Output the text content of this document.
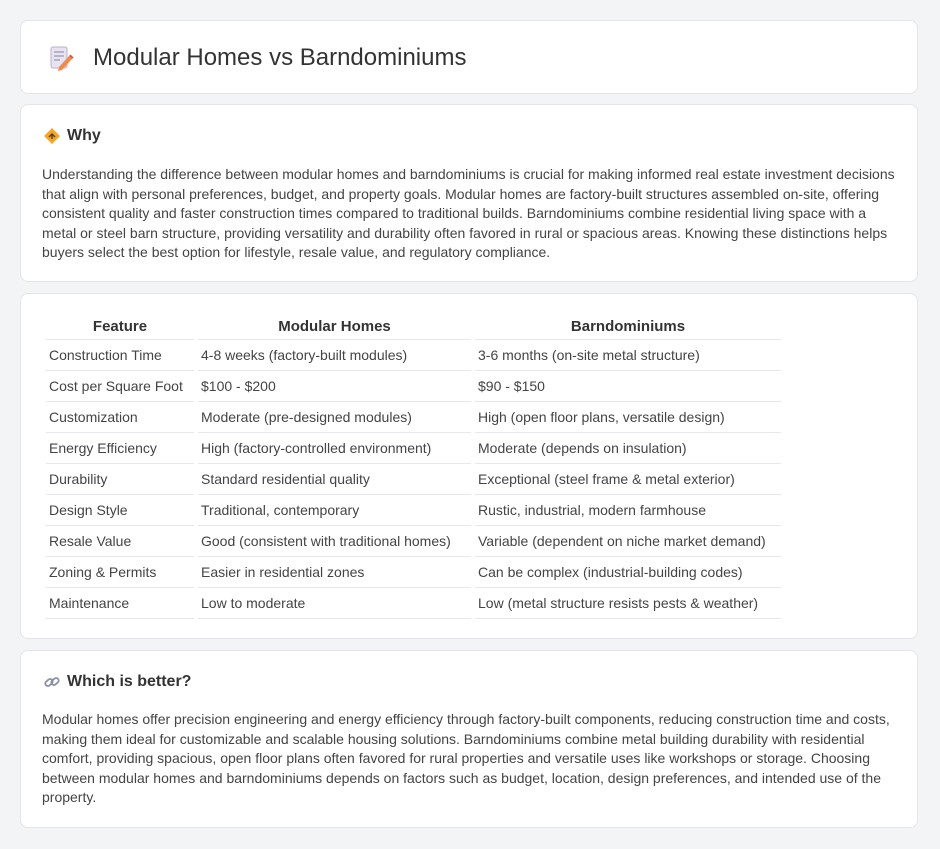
Modular Homes vs Barndominiums
Why
Understanding the difference between modular homes and barndominiums is crucial for making informed real estate investment decisions that align with personal preferences, budget, and property goals. Modular homes are factory-built structures assembled on-site, offering consistent quality and faster construction times compared to traditional builds. Barndominiums combine residential living space with a metal or steel barn structure, providing versatility and durability often favored in rural or spacious areas. Knowing these distinctions helps buyers select the best option for lifestyle, resale value, and regulatory compliance.
Feature	Modular Homes	Barndominiums
Construction Time	4-8 weeks (factory-built modules)	3-6 months (on-site metal structure)
Cost per Square Foot	$100 - $200	$90 - $150
Customization	Moderate (pre-designed modules)	High (open floor plans, versatile design)
Energy Efficiency	High (factory-controlled environment)	Moderate (depends on insulation)
Durability	Standard residential quality	Exceptional (steel frame & metal exterior)
Design Style	Traditional, contemporary	Rustic, industrial, modern farmhouse
Resale Value	Good (consistent with traditional homes)	Variable (dependent on niche market demand)
Zoning & Permits	Easier in residential zones	Can be complex (industrial-building codes)
Maintenance	Low to moderate	Low (metal structure resists pests & weather)
Which is better?
Modular homes offer precision engineering and energy efficiency through factory-built components, reducing construction time and costs, making them ideal for customizable and scalable housing solutions. Barndominiums combine metal building durability with residential comfort, providing spacious, open floor plans often favored for rural properties and versatile uses like workshops or storage. Choosing between modular homes and barndominiums depends on factors such as budget, location, design preferences, and intended use of the property.
